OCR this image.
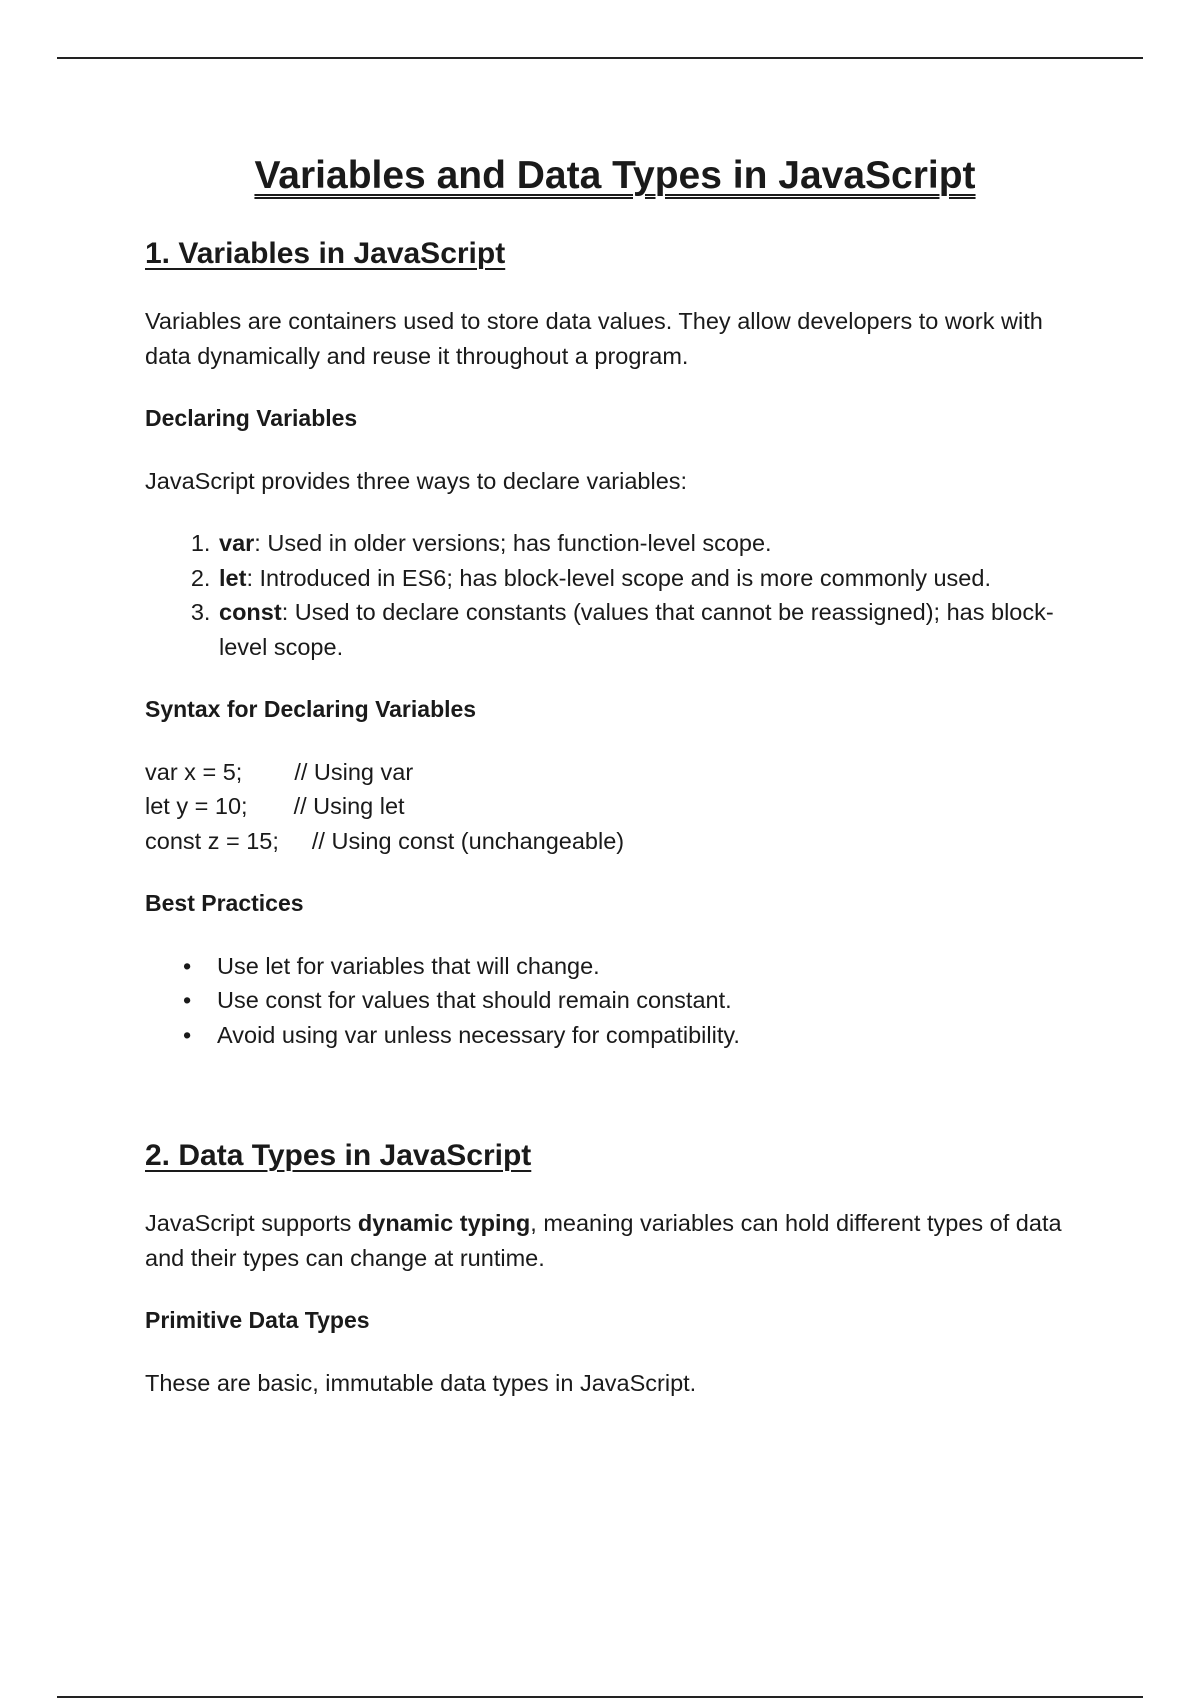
Variables and Data Types in JavaScript
1. Variables in JavaScript

Variables are containers used to store data values. They allow developers to work with data dynamically and reuse it throughout a program.

Declaring Variables

JavaScript provides three ways to declare variables:

1. var: Used in older versions; has function-level scope.
2. let: Introduced in ES6; has block-level scope and is more commonly used.
3. const: Used to declare constants (values that cannot be reassigned); has block-level scope.
Syntax for Declaring Variables
var x = 5; // Using var
let y = 10; // Using let
const z = 15; // Using const (unchangeable)
Best Practices
• Use let for variables that will change.
• Use const for values that should remain constant.
• Avoid using var unless necessary for compatibility.
2. Data Types in JavaScript

JavaScript supports dynamic typing, meaning variables can hold different types of data and their types can change at runtime.

Primitive Data Types

These are basic, immutable data types in JavaScript.
